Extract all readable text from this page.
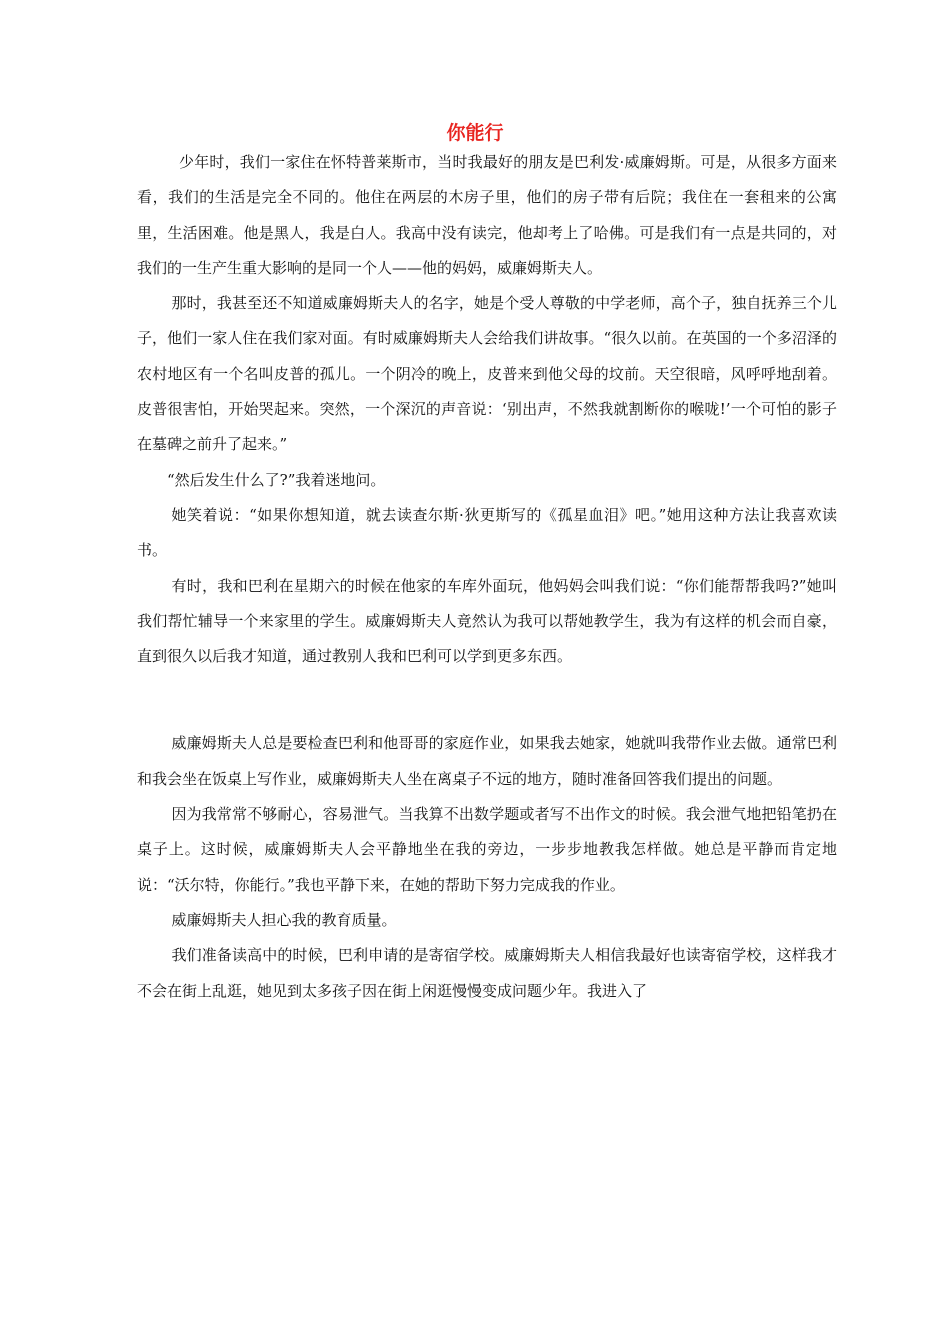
你能行

少年时，我们一家住在怀特普莱斯市，当时我最好的朋友是巴利发·威廉姆斯。可是，从很多方面来看，我们的生活是完全不同的。他住在两层的木房子里，他们的房子带有后院；我住在一套租来的公寓里，生活困难。他是黑人，我是白人。我高中没有读完，他却考上了哈佛。可是我们有一点是共同的，对我们的一生产生重大影响的是同一个人——他的妈妈，威廉姆斯夫人。

那时，我甚至还不知道威廉姆斯夫人的名字，她是个受人尊敬的中学老师，高个子，独自抚养三个儿子，他们一家人住在我们家对面。有时威廉姆斯夫人会给我们讲故事。“很久以前。在英国的一个多沼泽的农村地区有一个名叫皮普的孤儿。一个阴冷的晚上，皮普来到他父母的坟前。天空很暗，风呼呼地刮着。皮普很害怕，开始哭起来。突然，一个深沉的声音说：‘别出声，不然我就割断你的喉咙!’一个可怕的影子在墓碑之前升了起来。”

“然后发生什么了?”我着迷地问。

她笑着说：“如果你想知道，就去读查尔斯·狄更斯写的《孤星血泪》吧。”她用这种方法让我喜欢读书。

有时，我和巴利在星期六的时候在他家的车库外面玩，他妈妈会叫我们说：“你们能帮帮我吗?”她叫我们帮忙辅导一个来家里的学生。威廉姆斯夫人竟然认为我可以帮她教学生，我为有这样的机会而自豪，直到很久以后我才知道，通过教别人我和巴利可以学到更多东西。

威廉姆斯夫人总是要检查巴利和他哥哥的家庭作业，如果我去她家，她就叫我带作业去做。通常巴利和我会坐在饭桌上写作业，威廉姆斯夫人坐在离桌子不远的地方，随时准备回答我们提出的问题。

因为我常常不够耐心，容易泄气。当我算不出数学题或者写不出作文的时候。我会泄气地把铅笔扔在桌子上。这时候，威廉姆斯夫人会平静地坐在我的旁边，一步步地教我怎样做。她总是平静而肯定地说：“沃尔特，你能行。”我也平静下来，在她的帮助下努力完成我的作业。

威廉姆斯夫人担心我的教育质量。

我们准备读高中的时候，巴利申请的是寄宿学校。威廉姆斯夫人相信我最好也读寄宿学校，这样我才不会在街上乱逛，她见到太多孩子因在街上闲逛慢慢变成问题少年。我进入了
